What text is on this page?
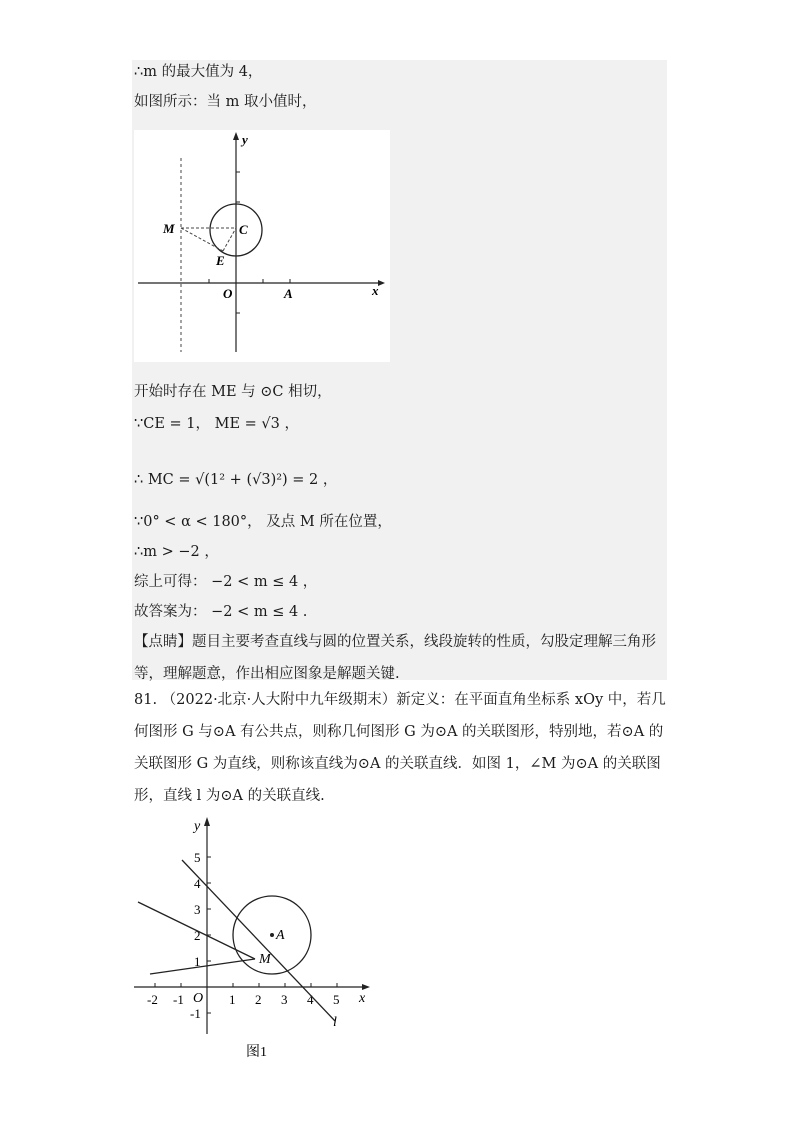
∴m 的最大值为 4，
如图所示：当 m 取小值时，
y
M	C
E
O	A	x
开始时存在 ME 与 ⊙C 相切，
∵CE = 1， ME = √3 ，
∴ MC = √(1² + (√3)²) = 2 ，
∵0° < α < 180°， 及点 M 所在位置，
∴m > −2 ，
综上可得： −2 < m ≤ 4 ，
故答案为： −2 < m ≤ 4 .
【点睛】题目主要考查直线与圆的位置关系，线段旋转的性质，勾股定理解三角形等，理解题意，作出相应图象是解题关键.
81. （2022·北京·人大附中九年级期末）新定义：在平面直角坐标系 xOy 中，若几何图形 G 与⊙A 有公共点，则称几何图形 G 为⊙A 的关联图形，特别地，若⊙A 的关联图形 G 为直线，则称该直线为⊙A 的关联直线．如图 1，∠M 为⊙A 的关联图形，直线 l 为⊙A 的关联直线.
-2 -1	1 2 3 4 5
5
4
3
2
1
-1
y
x
O
A
M
l
图1
